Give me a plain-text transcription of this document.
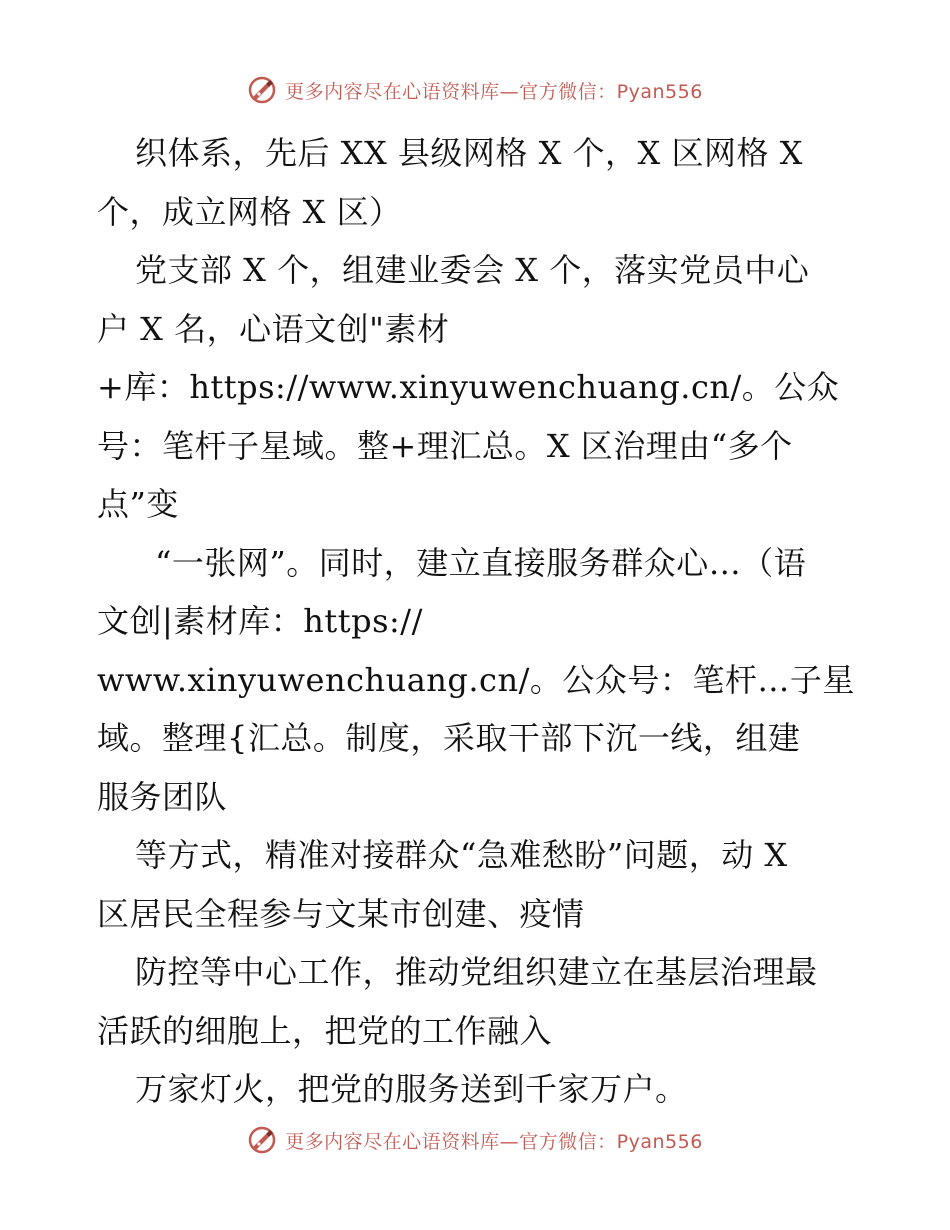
更多内容尽在心语资料库—官方微信：Pyan556
织体系，先后 XX 县级网格 X 个，X 区网格 X
个，成立网格 X 区）
党支部 X 个，组建业委会 X 个，落实党员中心
户 X 名，心语文创"素材
+库：https://www.xinyuwenchuang.cn/。公众
号：笔杆子星域。整+理汇总。X 区治理由“多个
点”变
“一张网”。同时，建立直接服务群众心…（语
文创|素材库：https://
www.xinyuwenchuang.cn/。公众号：笔杆…子星
域。整理{汇总。制度，采取干部下沉一线，组建
服务团队
等方式，精准对接群众“急难愁盼”问题，动 X
区居民全程参与文某市创建、疫情
防控等中心工作，推动党组织建立在基层治理最
活跃的细胞上，把党的工作融入
万家灯火，把党的服务送到千家万户。
更多内容尽在心语资料库—官方微信：Pyan556
